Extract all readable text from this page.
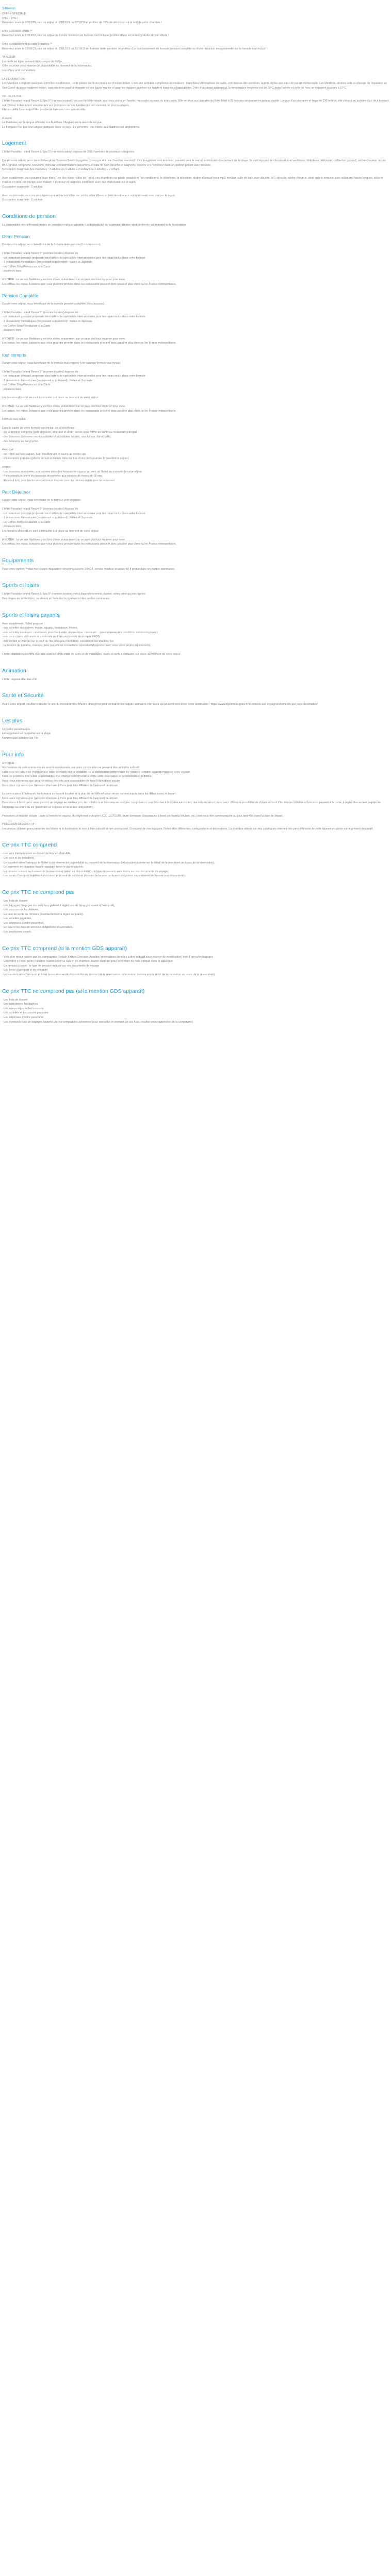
Situation

OFFRE SPECIALE
Offre - 17% !
Réservez avant le 27/12/19 pour un séjour du 28/12/19 au 27/12/19 et profitez de 17% de réduction sur le tarif de votre chambre !

Offre excursion offerte !*
Réservez avant le 27/12/19 pour un séjour de 6 nuits minimum en formule tout inclus et profitez d'une excursion gratuite de voir offerte !

Offre surclassement pension complète !*
Réservez avant le 31/08/19 pour un séjour du 28/12/19 au 31/10/19 en formule demi-pension, et profitez d'un surclassement en formule pension complète ou d'une réduction exceptionnelle sur la formule tout inclus !

*A NOTER :
Les tarifs en ligne tiennent déjà compte de l'offre.
Offre soumise sous réserve de disponibilité au moment de la réservation.
Les offres sont cumulables.

LA DESTINATION :
Les Maldives comptent quelques 1200 îles coralliennes, petits pilotes de fleurs posés sur l'Océan Indien. C'est une véritable symphonie de couleurs : blanc/bleu! Atmosphère de sable, vert intense des cocotiers, lagons idylles aux eaux de pureté d'émeraude. Les Maldives, situées juste au-dessus de l'équateur au Sud-Ouest du sous-continent indien, sont réputées pour la diversité de leur faune marine et pour les répuses baleines qui habitent leurs eaux translucides. Doté d'un climat subtropical, la température moyenne est de 30°C toute l'année et celle de l'eau se maintient toujours à 27°C.

VOTRE HOTEL :
L'hôtel Paradise Island Resort & Spa 5* (normes locales), est une île hôtel idéale, que vous soyez en famille, en couple ou mais ou entre amis. Elle se situe aux latitudes du Nord Malé à 20 minutes seulement en bateau rapide. Longue d'un kilomètre et large de 230 mètres, elle s'étend en bordure d'un récif bordant sur l'Océan Indien et est adaptée tant aux plongeurs qu'aux familles qui ont vraiment du plus de plages.
Elle accueille l'aventage d'être proche de l'aéroport des vols en ville.

A savoir :
La Maldivien est la langue officielle aux Maldives. l'Anglais est la seconde langue.
La français n'est pas une langue pratiquée dans ce pays. Le personnel des hôtels aux Maldives est anglophone.

Logement

L'hôtel Paradise Island Resort & Spa 5* (normes locales) dispose de 260 chambres de plusieurs catégories.

Durant votre séjour, vous serez hébergé en Superior Beach bungalow (correspond à une chambre standard). Ces bungalows sont entourés, orientés vers la mer et positionnés directement sur la plage. Ils sont équipés de climatisation et ventilateur, téléphone, télévision, coffre-fort (payant), sèche-cheveux, accès Wi-Fi gratuit, téléphone, télévision, mini-bar (consommations payantes) et salle de bain (douche et baignoire) ouverte sur l'extérieur dans un jardinet privatif avec terrasse.
Occupation maximale des chambres : 3 adultes ou 1 adulte + 2 enfants ou 2 adultes + 2 enfant.

Avec supplément, vous pourrez loger dans l'une des Water Villas de l'hôtel, ces chambres sur pilotis possèdent l'air conditionné, le téléphone, la télévision, station d'accueil pour mp3, minibar, salle de bain avec douche, WC séparés, sèche-cheveux, ainsi qu'une terrasse avec solarium chaises longues, table et chaises en bois, cet lounge avec maison d'exterieur et baignoire extérieure avec vue imprenable sur le lagon.
Occupation maximale : 2 adultes.

Avec supplément, vous pourrez également en Harbor Villas sur pilotis, elles offrent un bien lieuditement sur la terrasse avec vue sur le lagon.
Occupation maximale : 2 adultes.

Conditions de pension

La disponibilité des différents modes de pension n'est pas garantie. La disponibilité de la pension choisie sera confirmée au moment de la réservation

Demi Pension

Durant votre séjour, vous bénéficiez de la formule demi-pension (hors boissons).

L'hôtel Paradise Island Resort 5* (normes locales) dispose de :
- un restaurant principal proposant des buffets de spécialités internationales pour les repas inclus dans votre formule
- 2 restaurants thématiques (moyennant supplément) : Italien et Japonais
- un Coffee Shop/Restaurant à la Carte
- plusieurs bars

A NOTER : la vie aux Maldives y est très chère, notamment car ce pays doit tout importer pour vivre.
Les extras, les repas, boissons que vous pourriez prendre dans les restaurants pouvent donc paraître plus chers qu'en France métropolitaine.

Pension Complète

Durant votre séjour, vous bénéficiez de la formule pension complète (hors boisson).

L'hôtel Paradise Island Resort 5* (normes locales) dispose de :
- un restaurant principal proposant des buffets de spécialités internationales pour les repas inclus dans votre formule
- 2 restaurants thématiques (moyennant supplément) : Italien et Japonais
- un Coffee Shop/Restaurant à la Carte
- plusieurs bars

A NOTER : la vie aux Maldives y est très chère, notamment car ce pays doit tout importer pour vivre.
Les extras, les repas, boissons que vous pourriez prendre dans les restaurants pouvent donc paraître plus chers qu'en France métropolitaine.

tout compris

Durant votre séjour, vous bénéficiez de la formule tout compris (voir cadrage formule tout inclus).

L'hôtel Paradise Island Resort 5* (normes locales) dispose de :
- un restaurant principal proposant des buffets de spécialités internationales pour les repas inclus dans votre formule
- 2 restaurants thématiques (moyennant supplément) : Italien et Japonais
- un Coffee Shop/Restaurant à la Carte
- plusieurs bars

Les horaires d'ouverture sont à consulter sur place au moment de votre séjour.

A NOTER : la vie aux Maldives y est très chère, notamment car ce pays doit tout importer pour vivre.
Les extras, les repas, boissons que vous pourriez prendre dans les restaurants pouvent donc paraître plus chers qu'en France métropolitaine.

Formule tout inclus

Dans le cadre de votre formule tout inclus, vous bénéficiez :
- de la pension complète (petit-déjeuner, déjeuner et dîner) servis sous forme de buffet au restaurant principal
- des boissons (boissons non-alcoolisées et alcoolisées locales, vins locaux, thé et café),
- des boissons au bar piscine.

Avec que :
- de l'hôtel au bain vaques, bain bouillonnant et sauna au centre spa
- d'excursions gratuites (pêche de nuit et balade dans les îles d'une demi-journée 1x pendant le séjour)

A noter :
- Les boissons alcoolisées sont servies selon les horaires en vigueur au sein de l'hôtel au moment de votre séjour.
- Il est interdit de servir les boissons alcoolisées aux mineurs de moins de 18 ans.
- Pendant long pour les horaires et beaux discrets pour les bonnes réglés pour le restaurant.

Petit Déjeuner

Durant votre séjour, vous bénéficiez de la formule petit-déjeuner.

L'hôtel Paradise Island Resort 5* (normes locales) dispose de :
- un restaurant principal proposant des buffets de spécialités internationales pour les repas inclus dans votre formule
- 2 restaurants thématiques (moyennant supplément) : Italien et Japonais
- un Coffee Shop/Restaurant à la Carte
- plusieurs bars
Les horaires d'ouverture sont à consulter sur place au moment de votre séjour.

A NOTER : la vie aux Maldives y est très chère, notamment car ce pays doit tout importer pour vivre.
Les extras, les repas, boissons que vous pourriez prendre dans les restaurants pouvent donc paraître plus chers qu'en France métropolitaine.

Equipements

Pour votre confort, l'hôtel met à votre disposition réception ouverte 24h/24, service médical et accès Wi-fi gratuit dans les parties communes.

Sports et loisirs

L'hôtel Paradise Island Resort & Spa 5* (normes locales) met à disposition tennis, basket, volley ainsi qu'une piscine.
Des plages de sable blanc, se situent en face des bungalows et des parties communes.

Sports et loisirs payants

Avec supplément, l'hôtel propose :
- des activités récréatives: tennis, aquatic, badminton, fitness,
- des activités nautiques: catamaran, planche à voile, ski nautique, canoë etc... (sous réserve des conditions météorologiques)
- des cours (avec débutants et confirmés au Français (centre de plongée PADI).
- des sorties en mer au sur le récif de l'île, plongées nocturnes, excursions sur d'autres îles
- la location de pédalos, masque, tuba (sous vous conseillons cependant d'apporter avec vous votre propre équipement).

L'hôtel dispose également d'un spa avec un large choix de soins et de massages. Soins et tarifs à consulter sur place au moment de votre séjour.

Animation

L'hôtel dispose d'un bar-club.

Santé et Sécurité

Avant votre départ, veuillez consulter le site du ministère des Affaires étrangères pour connaître les risques sanitaires éventuels qui peuvent concerner votre destination : https://www.diplomatie.gouv.fr/fr/conseils-aux-voyageurs/conseils-par-pays-destination/

Les plus

Un cadre paradisiaque
Hébergement en bungalow sur la plage
Nombreuses activités sur l'île

Pour info

A NOTER :
Vos horaires de vols communiqués seront réceptionnés sur votre convocation ne peuvent être qu'à titre indicatif.
Dans tous les cas, il est impératif que vous vérifiez/créez la réception de la convocation comprenant les horaires définitifs avant d'organiser votre voyage.
Nous ne pourrons être tenus responsables d'un changement d'horaires entre votre réservation et la convocation définitive.
Nous vous informons que, pour ce séjour, les vols sont susceptibles de faire l'objet d'une escale.
Nous vous signalons que l'aéroport d'arrivée à Paris peut être différent de l'aéroport de départ.

La convocation à l'aéroport, les horaires se basent localisé et la plan de vol définitif vous seront communiqués dans les délais avant le départ.
Nous vous signalons que l'aéroport d'arrivée à Paris peut être différent de l'aéroport de départ.
Prestations à bord : pour vous garantir un voyage au meilleur prix, les collations et boissons ne sont pas comprises ou sont fournies à bord des avions lors des vols de retour; nous vous offrons la possibilité de choisir au bord d'en être en collation et boissons peuvent à la carte, à régler directement auprès de l'équipage au cours du vol (paiement en espèces et de euros uniquement).

Personnes à mobilité réduite : suite à l'entrée en vigueur du règlement européen (CE) 1107/2006, toute demande d'assistance à bord (en fauteuil roulant, etc.) doit nous être communiquée au plus tard 48h avant la date de départ.

PRECISION DESCRIPTIF :
Les photos utilisées pour présenter les hôtels et la destination le sont à titre indicatif et non contractuel. Conscient de nos logiques, l'hôtel offre différentes configurations et décorations. La chambre attitulé sur des catalogues internes très peut différente de celle figurant en photo sur le présent descriptif.

Ce prix TTC comprend

- Les vols internationaux au départ de France Malé A/R,
- Les vols et les transferts,
- Le transfert entre l'aéroport et l'hôtel sous réserve de disponibilité au moment de la réservation (information donnée sur le détail de la prestation au cours de la réservation),
- Le logement en chambre double standard selon le durée choisie,
- La pension suivant au moment de la réservation (selon sa disponibilité) : le type de pension sera repris sur vos documents de voyage,
- Les taxes d'aéroport (sujettes à évolution) et la taxe de solidarité (incluant la hausse carburant obligatoire sous réserve de hausse supplémentaire).

Ce prix TTC ne comprend pas

- Les frais de dossier
- Les bagages (bagages des vols hors galeriel il régler lors de l'enregistrement à l'aéroport),
- Les assurances facultatives,
- La taxe de sortie du territoire (éventuellement à régler sur place),
- Les activités payantes,
- Les dépenses d'ordre personnel,
- Le visa et les frais de services obligatoires si spécialités,
- Les pourboires usuels.

Ce prix TTC comprend (si la mention GDS apparaît)

- Vols aller retour opérés par les compagnies Turkish Airlines,Emirates,Aeroflot (informations données à titre indicatif sous réserve de modification) hors France/en bagages
- Logement à l'hôtel Hôtel Paradise Island Resort & Spa 5* en chambre double standard pour le nombre de nuits indiqué dans le catalogue
- La pension choisie : le type de pension indiqué sur vos documents de voyage
- Les taxes d'aéroport et de solidarité
- Le transfert entre l'aéroport et hôtel (sous réserve de disponibilité au moment de la réservation - information donnée sur le détail de la prestation au cours de la réservation)

Ce prix TTC ne comprend pas (si la mention GDS apparaît)

- Les frais de dossier
- Les assurances facultatives
- Les autres repas et les boissons
- Les activités et excursions payantes
- Les dépenses d'ordre personnel
- Les éventuels frais de bagages facturés par les compagnies aériennes (pour connaître le montant de ces frais, veuillez vous rapprocher de la compagnie)
